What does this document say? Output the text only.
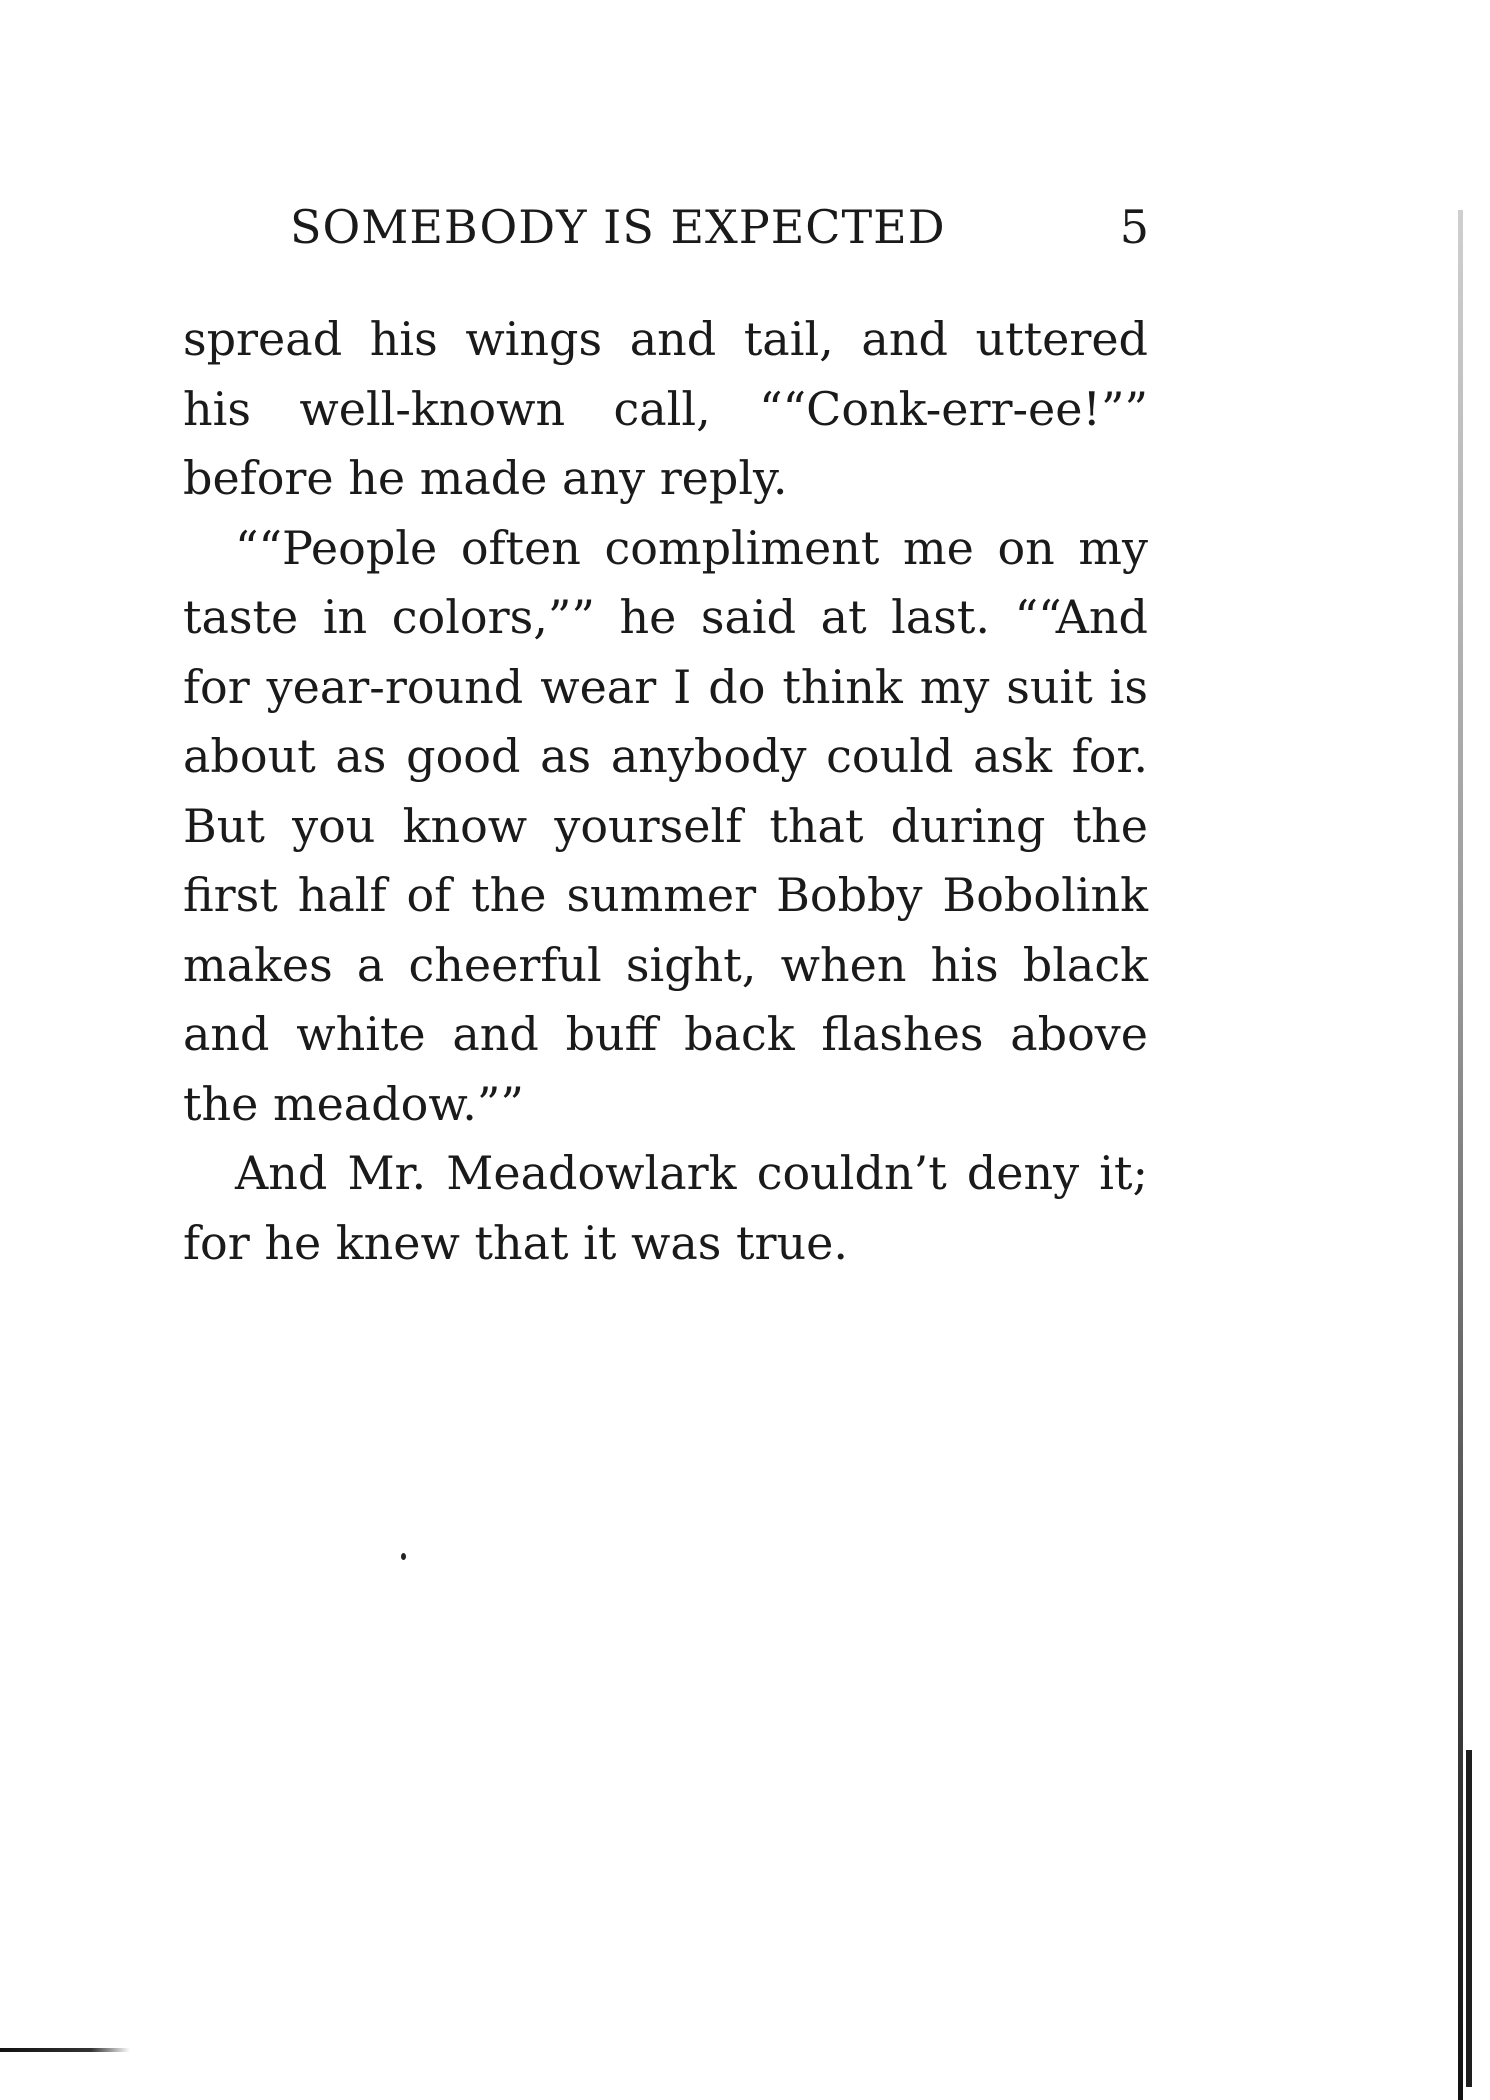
SOMEBODY IS EXPECTED	5

spread his wings and tail, and uttered his well-known call, ““Conk-err-ee!”” before he made any reply.

““People often compliment me on my taste in colors,”” he said at last. ““And for year-round wear I do think my suit is about as good as anybody could ask for. But you know yourself that during the first half of the summer Bobby Bobolink makes a cheerful sight, when his black and white and buff back flashes above the meadow.””

And Mr. Meadowlark couldn’t deny it; for he knew that it was true.
